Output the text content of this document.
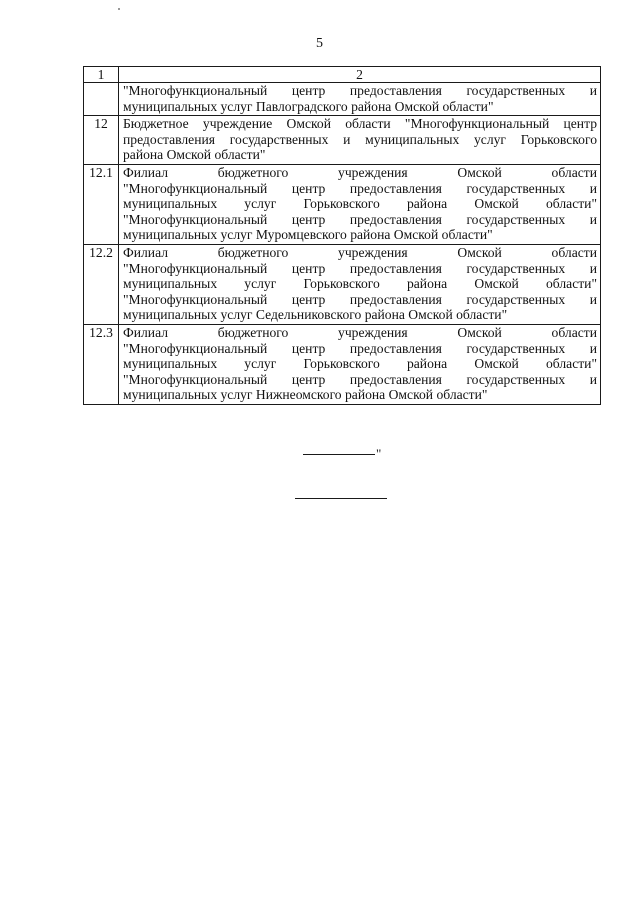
5
1	2

	"Многофункциональный центр предоставления государственных и
муниципальных услуг Павлоградского района Омской области"

12	Бюджетное учреждение Омской области "Многофункциональный центр
предоставления государственных и муниципальных услуг Горьковского
района Омской области"

12.1	Филиал бюджетного учреждения Омской области
"Многофункциональный центр предоставления государственных и
муниципальных услуг Горьковского района Омской области"
"Многофункциональный центр предоставления государственных и
муниципальных услуг Муромцевского района Омской области"

12.2	Филиал бюджетного учреждения Омской области
"Многофункциональный центр предоставления государственных и
муниципальных услуг Горьковского района Омской области"
"Многофункциональный центр предоставления государственных и
муниципальных услуг Седельниковского района Омской области"

12.3	Филиал бюджетного учреждения Омской области
"Многофункциональный центр предоставления государственных и
муниципальных услуг Горьковского района Омской области"
"Многофункциональный центр предоставления государственных и
муниципальных услуг Нижнеомского района Омской области"
"
